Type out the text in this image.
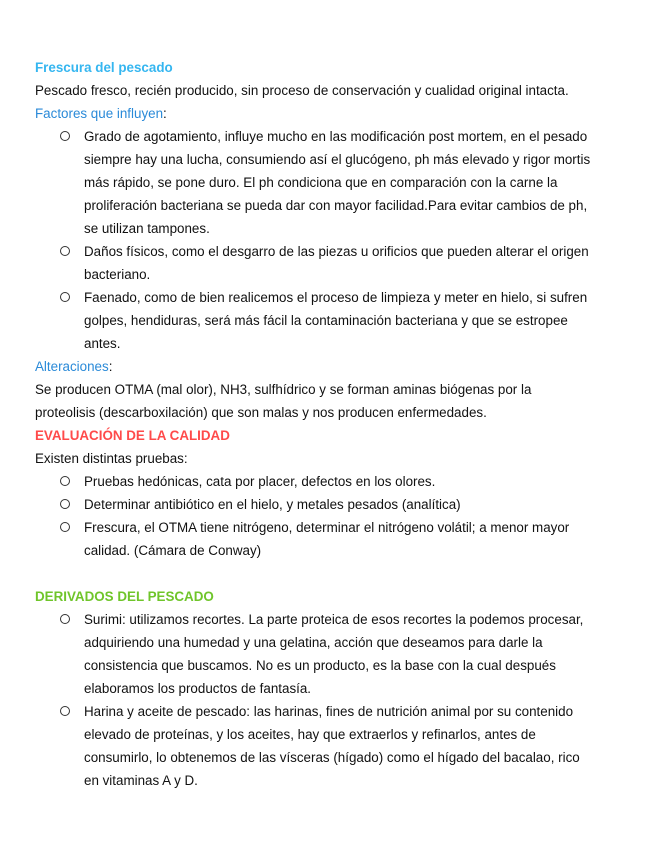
Frescura del pescado
Pescado fresco, recién producido, sin proceso de conservación y cualidad original intacta.
Factores que influyen:
Grado de agotamiento, influye mucho en las modificación post mortem, en el pesado
siempre hay una lucha, consumiendo así el glucógeno, ph más elevado y rigor mortis
más rápido, se pone duro. El ph condiciona que en comparación con la carne la
proliferación bacteriana se pueda dar con mayor facilidad.Para evitar cambios de ph,
se utilizan tampones.
Daños físicos, como el desgarro de las piezas u orificios que pueden alterar el origen
bacteriano.
Faenado, como de bien realicemos el proceso de limpieza y meter en hielo, si sufren
golpes, hendiduras, será más fácil la contaminación bacteriana y que se estropee
antes.
Alteraciones:
Se producen OTMA (mal olor), NH3, sulfhídrico y se forman aminas biógenas por la
proteolisis (descarboxilación) que son malas y nos producen enfermedades.
EVALUACIÓN DE LA CALIDAD
Existen distintas pruebas:
Pruebas hedónicas, cata por placer, defectos en los olores.
Determinar antibiótico en el hielo, y metales pesados (analítica)
Frescura, el OTMA tiene nitrógeno, determinar el nitrógeno volátil; a menor mayor
calidad. (Cámara de Conway)
DERIVADOS DEL PESCADO
Surimi: utilizamos recortes. La parte proteica de esos recortes la podemos procesar,
adquiriendo una humedad y una gelatina, acción que deseamos para darle la
consistencia que buscamos. No es un producto, es la base con la cual después
elaboramos los productos de fantasía.
Harina y aceite de pescado: las harinas, fines de nutrición animal por su contenido
elevado de proteínas, y los aceites, hay que extraerlos y refinarlos, antes de
consumirlo, lo obtenemos de las vísceras (hígado) como el hígado del bacalao, rico
en vitaminas A y D.
